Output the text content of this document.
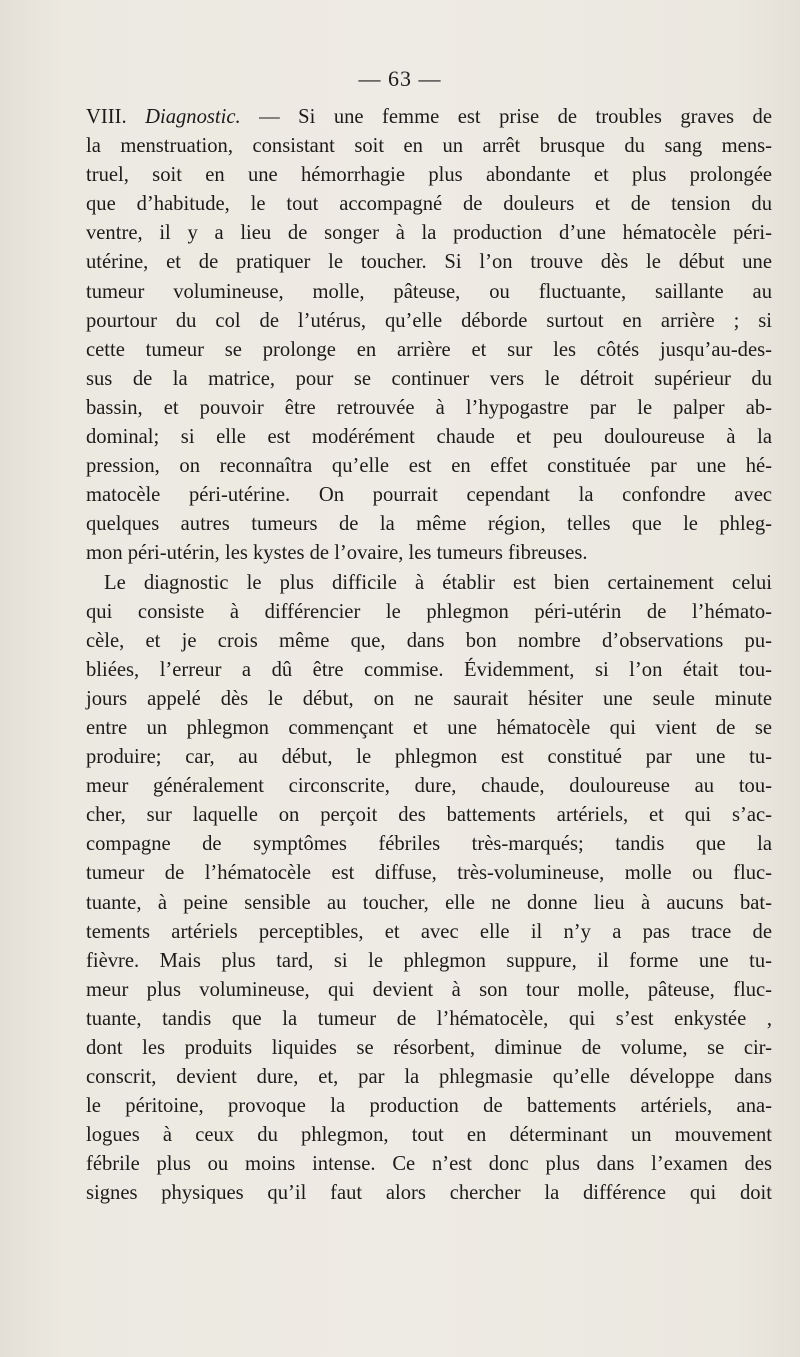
— 63 —
VIII. Diagnostic. — Si une femme est prise de troubles graves de
la menstruation, consistant soit en un arrêt brusque du sang mens-
truel, soit en une hémorrhagie plus abondante et plus prolongée
que d’habitude, le tout accompagné de douleurs et de tension du
ventre, il y a lieu de songer à la production d’une hématocèle péri-
utérine, et de pratiquer le toucher. Si l’on trouve dès le début une
tumeur volumineuse, molle, pâteuse, ou fluctuante, saillante au
pourtour du col de l’utérus, qu’elle déborde surtout en arrière ; si
cette tumeur se prolonge en arrière et sur les côtés jusqu’au-des-
sus de la matrice, pour se continuer vers le détroit supérieur du
bassin, et pouvoir être retrouvée à l’hypogastre par le palper ab-
dominal; si elle est modérément chaude et peu douloureuse à la
pression, on reconnaîtra qu’elle est en effet constituée par une hé-
matocèle péri-utérine. On pourrait cependant la confondre avec
quelques autres tumeurs de la même région, telles que le phleg-
mon péri-utérin, les kystes de l’ovaire, les tumeurs fibreuses.
Le diagnostic le plus difficile à établir est bien certainement celui
qui consiste à différencier le phlegmon péri-utérin de l’hémato-
cèle, et je crois même que, dans bon nombre d’observations pu-
bliées, l’erreur a dû être commise. Évidemment, si l’on était tou-
jours appelé dès le début, on ne saurait hésiter une seule minute
entre un phlegmon commençant et une hématocèle qui vient de se
produire; car, au début, le phlegmon est constitué par une tu-
meur généralement circonscrite, dure, chaude, douloureuse au tou-
cher, sur laquelle on perçoit des battements artériels, et qui s’ac-
compagne de symptômes fébriles très-marqués; tandis que la
tumeur de l’hématocèle est diffuse, très-volumineuse, molle ou fluc-
tuante, à peine sensible au toucher, elle ne donne lieu à aucuns bat-
tements artériels perceptibles, et avec elle il n’y a pas trace de
fièvre. Mais plus tard, si le phlegmon suppure, il forme une tu-
meur plus volumineuse, qui devient à son tour molle, pâteuse, fluc-
tuante, tandis que la tumeur de l’hématocèle, qui s’est enkystée ,
dont les produits liquides se résorbent, diminue de volume, se cir-
conscrit, devient dure, et, par la phlegmasie qu’elle développe dans
le péritoine, provoque la production de battements artériels, ana-
logues à ceux du phlegmon, tout en déterminant un mouvement
fébrile plus ou moins intense. Ce n’est donc plus dans l’examen des
signes physiques qu’il faut alors chercher la différence qui doit
